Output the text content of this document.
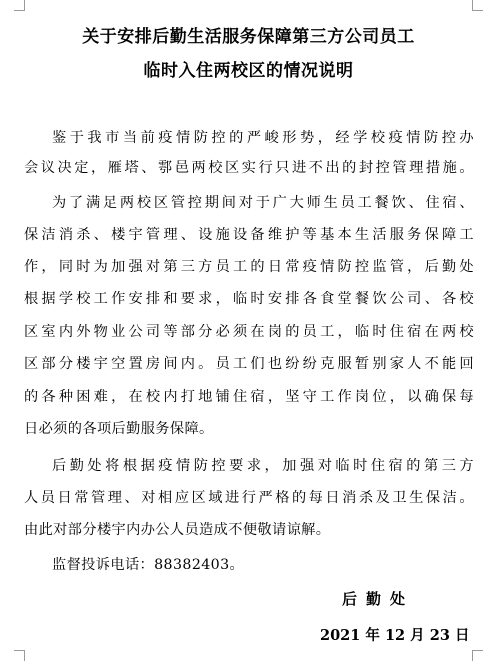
关于安排后勤生活服务保障第三方公司员工
临时入住两校区的情况说明
鉴于我市当前疫情防控的严峻形势，经学校疫情防控办
会议决定，雁塔、鄠邑两校区实行只进不出的封控管理措施。
为了满足两校区管控期间对于广大师生员工餐饮、住宿、
保洁消杀、楼宇管理、设施设备维护等基本生活服务保障工
作，同时为加强对第三方员工的日常疫情防控监管，后勤处
根据学校工作安排和要求，临时安排各食堂餐饮公司、各校
区室内外物业公司等部分必须在岗的员工，临时住宿在两校
区部分楼宇空置房间内。员工们也纷纷克服暂别家人不能回
的各种困难，在校内打地铺住宿，坚守工作岗位，以确保每
日必须的各项后勤服务保障。
后勤处将根据疫情防控要求，加强对临时住宿的第三方
人员日常管理、对相应区域进行严格的每日消杀及卫生保洁。
由此对部分楼宇内办公人员造成不便敬请谅解。
监督投诉电话：88382403。
后勤处
2021 年 12 月 23 日
